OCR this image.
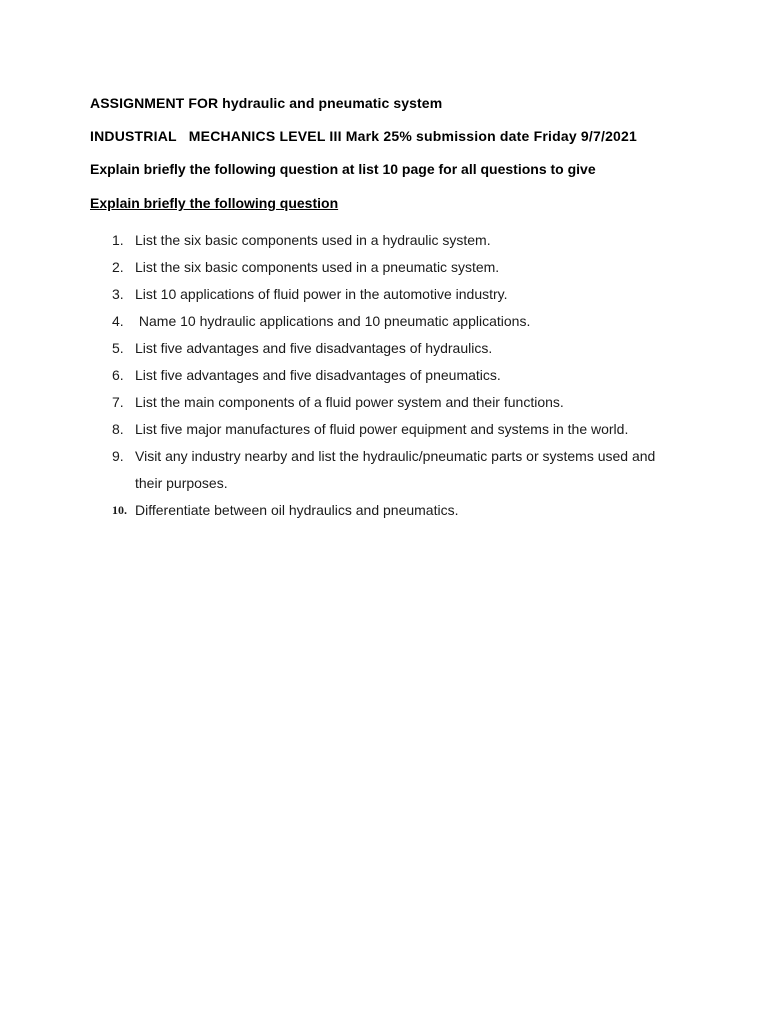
ASSIGNMENT FOR hydraulic and pneumatic system
INDUSTRIAL   MECHANICS LEVEL III Mark 25% submission date Friday 9/7/2021
Explain briefly the following question at list 10 page for all questions to give
Explain briefly the following question
1. List the six basic components used in a hydraulic system.
2. List the six basic components used in a pneumatic system.
3. List 10 applications of fluid power in the automotive industry.
4. Name 10 hydraulic applications and 10 pneumatic applications.
5. List five advantages and five disadvantages of hydraulics.
6. List five advantages and five disadvantages of pneumatics.
7. List the main components of a fluid power system and their functions.
8. List five major manufactures of fluid power equipment and systems in the world.
9. Visit any industry nearby and list the hydraulic/pneumatic parts or systems used and their purposes.
10. Differentiate between oil hydraulics and pneumatics.
